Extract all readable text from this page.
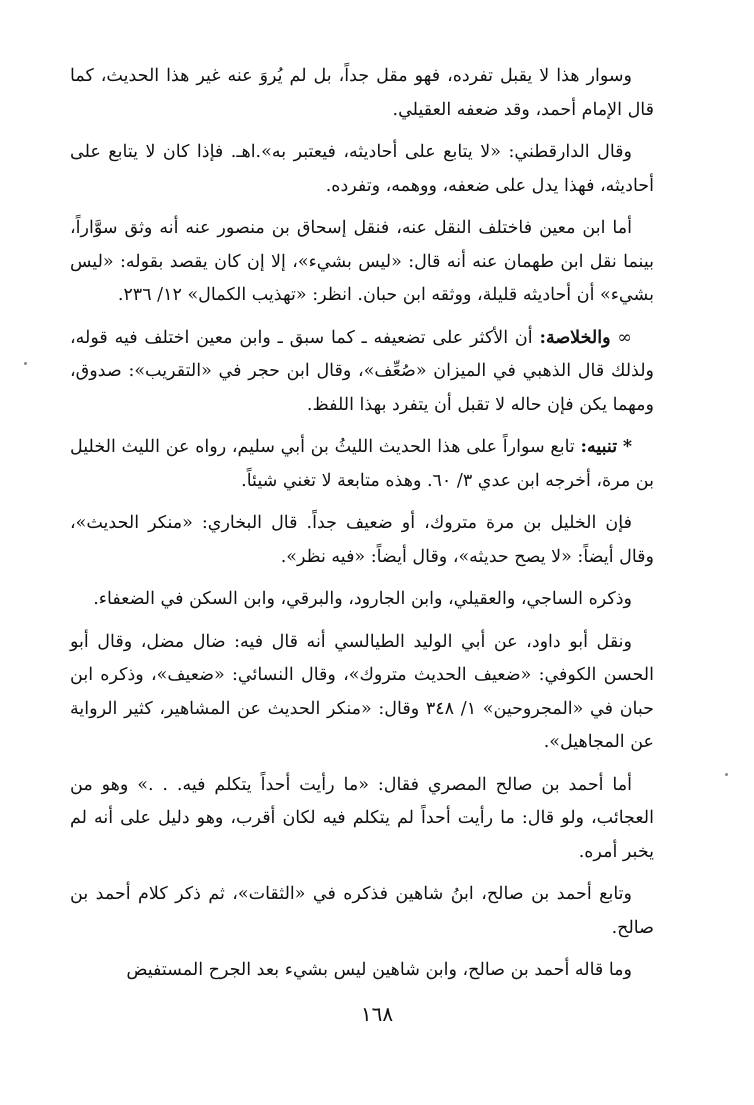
وسوار هذا لا يقبل تفرده، فهو مقل جداً، بل لم يُروَ عنه غير هذا الحديث، كما قال الإمام أحمد، وقد ضعفه العقيلي.

وقال الدارقطني: «لا يتابع على أحاديثه، فيعتبر به».اهـ. فإذا كان لا يتابع على أحاديثه، فهذا يدل على ضعفه، ووهمه، وتفرده.

أما ابن معين فاختلف النقل عنه، فنقل إسحاق بن منصور عنه أنه وثق سوَّاراً، بينما نقل ابن طهمان عنه أنه قال: «ليس بشيء»، إلا إن كان يقصد بقوله: «ليس بشيء» أن أحاديثه قليلة، ووثقه ابن حبان. انظر: «تهذيب الكمال» ١٢/ ٢٣٦.

∞ والخلاصة: أن الأكثر على تضعيفه ـ كما سبق ـ وابن معين اختلف فيه قوله، ولذلك قال الذهبي في الميزان «صُعِّف»، وقال ابن حجر في «التقريب»: صدوق، ومهما يكن فإن حاله لا تقبل أن يتفرد بهذا اللفظ.

* تنبيه: تابع سواراً على هذا الحديث الليثُ بن أبي سليم، رواه عن الليث الخليل بن مرة، أخرجه ابن عدي ٣/ ٦٠. وهذه متابعة لا تغني شيئاً.

فإن الخليل بن مرة متروك، أو ضعيف جداً. قال البخاري: «منكر الحديث»، وقال أيضاً: «لا يصح حديثه»، وقال أيضاً: «فيه نظر».

وذكره الساجي، والعقيلي، وابن الجارود، والبرقي، وابن السكن في الضعفاء.

ونقل أبو داود، عن أبي الوليد الطيالسي أنه قال فيه: ضال مضل، وقال أبو الحسن الكوفي: «ضعيف الحديث متروك»، وقال النسائي: «ضعيف»، وذكره ابن حبان في «المجروحين» ١/ ٣٤٨ وقال: «منكر الحديث عن المشاهير، كثير الرواية عن المجاهيل».

أما أحمد بن صالح المصري فقال: «ما رأيت أحداً يتكلم فيه. . .» وهو من العجائب، ولو قال: ما رأيت أحداً لم يتكلم فيه لكان أقرب، وهو دليل على أنه لم يخبر أمره.

وتابع أحمد بن صالح، ابنُ شاهين فذكره في «الثقات»، ثم ذكر كلام أحمد بن صالح.

وما قاله أحمد بن صالح، وابن شاهين ليس بشيء بعد الجرح المستفيض

١٦٨
